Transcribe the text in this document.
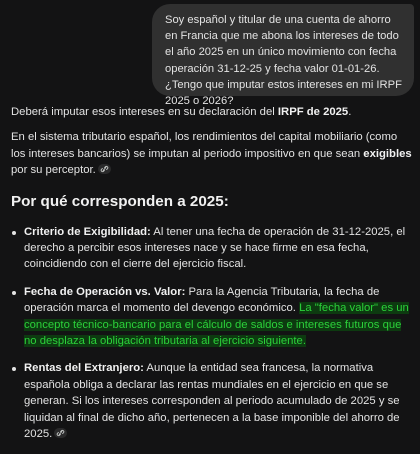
Soy español y titular de una cuenta de ahorro en Francia que me abona los intereses de todo el año 2025 en un único movimiento con fecha operación 31-12-25 y fecha valor 01-01-26. ¿Tengo que imputar estos intereses en mi IRPF 2025 o 2026?

Deberá imputar esos intereses en su declaración del IRPF de 2025.

En el sistema tributario español, los rendimientos del capital mobiliario (como los intereses bancarios) se imputan al periodo impositivo en que sean exigibles por su perceptor.

Por qué corresponden a 2025:
Criterio de Exigibilidad: Al tener una fecha de operación de 31-12-2025, el derecho a percibir esos intereses nace y se hace firme en esa fecha, coincidiendo con el cierre del ejercicio fiscal.
Fecha de Operación vs. Valor: Para la Agencia Tributaria, la fecha de operación marca el momento del devengo económico. La "fecha valor" es un concepto técnico-bancario para el cálculo de saldos e intereses futuros que no desplaza la obligación tributaria al ejercicio siguiente.
Rentas del Extranjero: Aunque la entidad sea francesa, la normativa española obliga a declarar las rentas mundiales en el ejercicio en que se generan. Si los intereses corresponden al periodo acumulado de 2025 y se liquidan al final de dicho año, pertenecen a la base imponible del ahorro de 2025.
